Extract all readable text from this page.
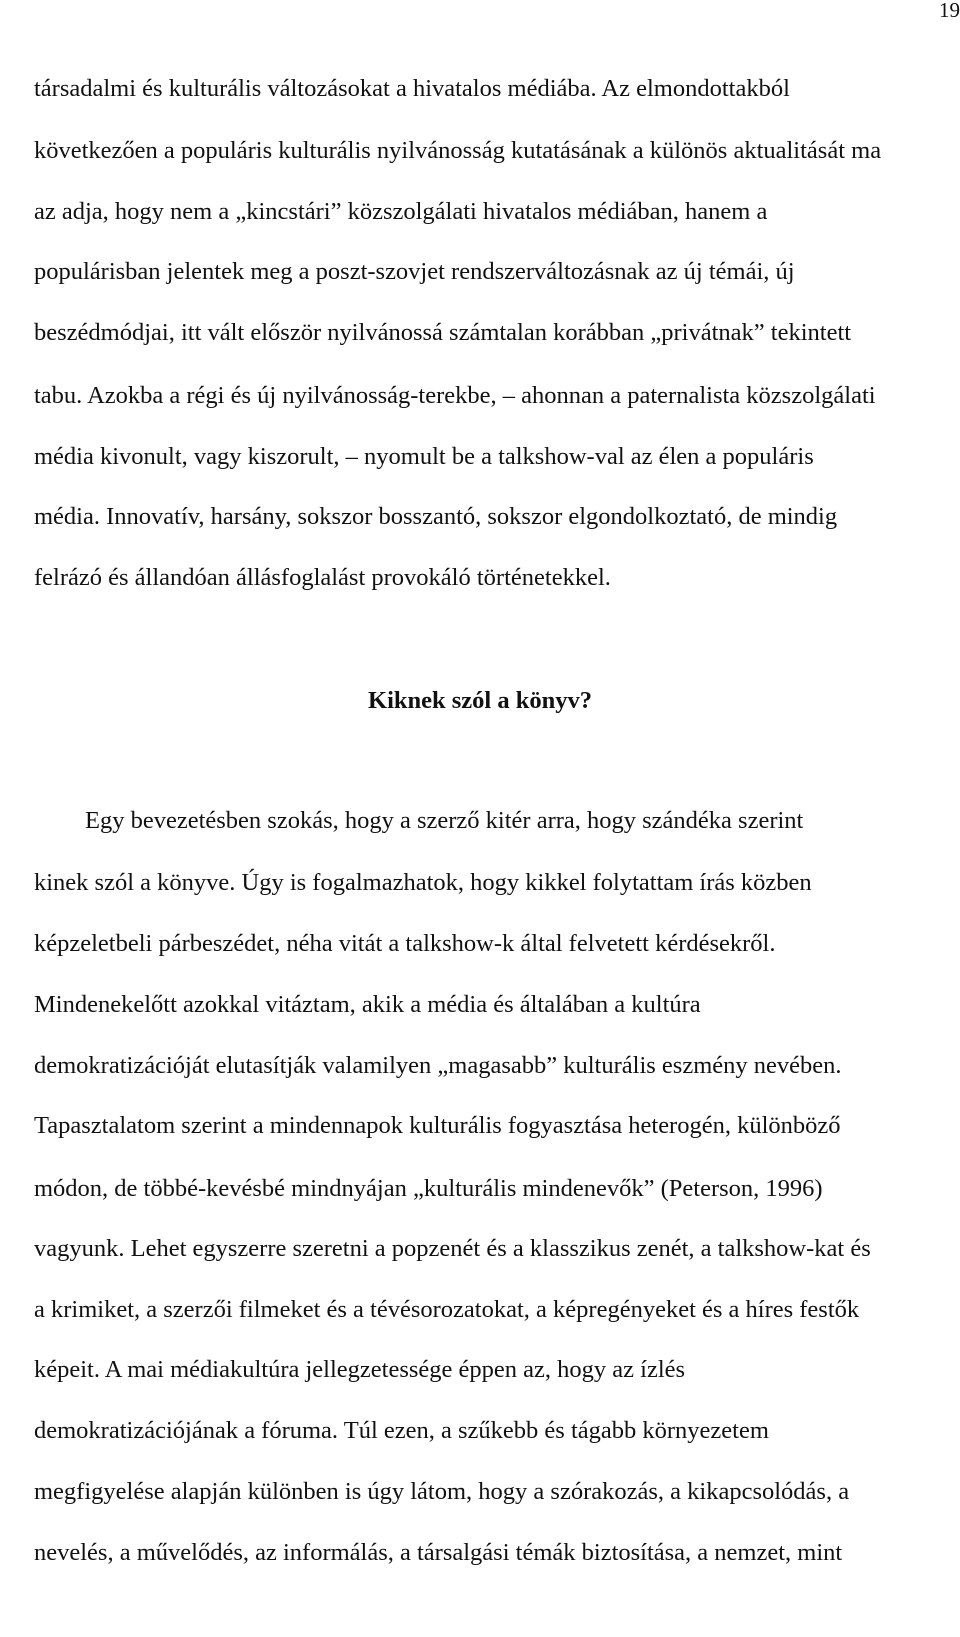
19
társadalmi és kulturális változásokat a hivatalos médiába. Az elmondottakból
következően a populáris kulturális nyilvánosság kutatásának a különös aktualitását ma
az adja, hogy nem a „kincstári” közszolgálati hivatalos médiában, hanem a
populárisban jelentek meg a poszt-szovjet rendszerváltozásnak az új témái, új
beszédmódjai, itt vált először nyilvánossá számtalan korábban „privátnak” tekintett
tabu. Azokba a régi és új nyilvánosság-terekbe, – ahonnan a paternalista közszolgálati
média kivonult, vagy kiszorult, – nyomult be a talkshow-val az élen a populáris
média. Innovatív, harsány, sokszor bosszantó, sokszor elgondolkoztató, de mindig
felrázó és állandóan állásfoglalást provokáló történetekkel.
Kiknek szól a könyv?
Egy bevezetésben szokás, hogy a szerző kitér arra, hogy szándéka szerint
kinek szól a könyve. Úgy is fogalmazhatok, hogy kikkel folytattam írás közben
képzeletbeli párbeszédet, néha vitát a talkshow-k által felvetett kérdésekről.
Mindenekelőtt azokkal vitáztam, akik a média és általában a kultúra
demokratizációját elutasítják valamilyen „magasabb” kulturális eszmény nevében.
Tapasztalatom szerint a mindennapok kulturális fogyasztása heterogén, különböző
módon, de többé-kevésbé mindnyájan „kulturális mindenevők” (Peterson, 1996)
vagyunk. Lehet egyszerre szeretni a popzenét és a klasszikus zenét, a talkshow-kat és
a krimiket, a szerzői filmeket és a tévésorozatokat, a képregényeket és a híres festők
képeit. A mai médiakultúra jellegzetessége éppen az, hogy az ízlés
demokratizációjának a fóruma. Túl ezen, a szűkebb és tágabb környezetem
megfigyelése alapján különben is úgy látom, hogy a szórakozás, a kikapcsolódás, a
nevelés, a művelődés, az informálás, a társalgási témák biztosítása, a nemzet, mint
